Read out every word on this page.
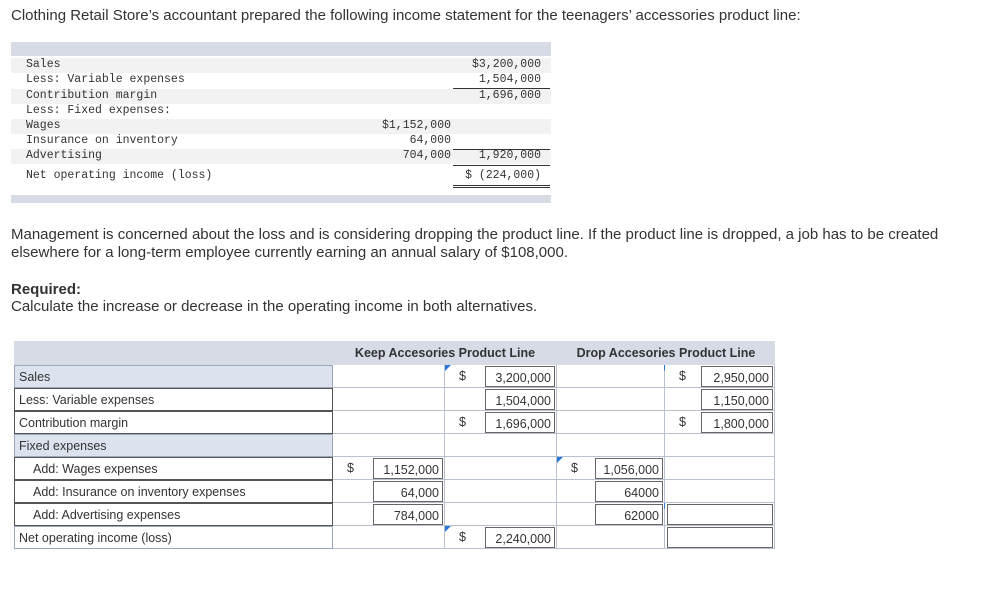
Clothing Retail Store’s accountant prepared the following income statement for the teenagers’ accessories product line:
Sales	$3,200,000
Less: Variable expenses	1,504,000
Contribution margin	1,696,000
Less: Fixed expenses:
Wages	$1,152,000
Insurance on inventory	64,000
Advertising	704,000 1,920,000
Net operating income (loss)	$ (224,000)
Management is concerned about the loss and is considering dropping the product line. If the product line is dropped, a job has to be created elsewhere for a long-term employee currently earning an annual salary of $108,000.
Required:
Calculate the increase or decrease in the operating income in both alternatives.
Keep Accesories Product Line	Drop Accesories Product Line
Sales	$ 3,200,000	$ 2,950,000
Less: Variable expenses	1,504,000	1,150,000
Contribution margin	$ 1,696,000	$ 1,800,000
Fixed expenses
Add: Wages expenses	$ 1,152,000	$ 1,056,000
Add: Insurance on inventory expenses	64,000	64000
Add: Advertising expenses	784,000	62000
Net operating income (loss)	$ 2,240,000
